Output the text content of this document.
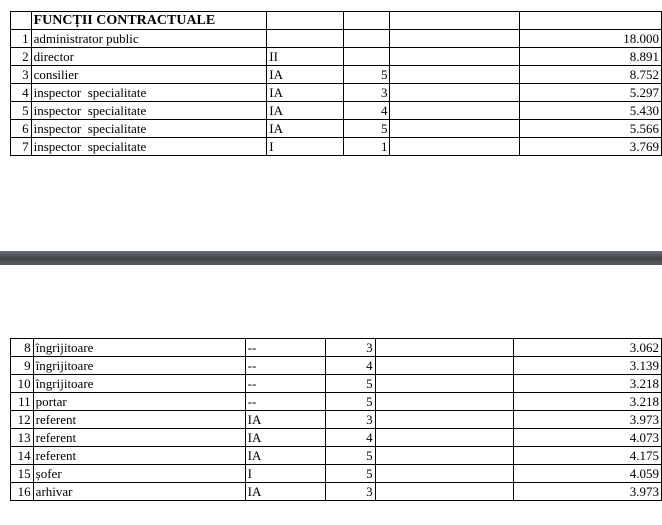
	FUNCȚII CONTRACTUALE				
1	administrator public				18.000
2	director	II			8.891
3	consilier	IA	5		8.752
4	inspector  specialitate	IA	3		5.297
5	inspector  specialitate	IA	4		5.430
6	inspector  specialitate	IA	5		5.566
7	inspector  specialitate	I	1		3.769
8	îngrijitoare	--	3		3.062
9	îngrijitoare	--	4		3.139
10	îngrijitoare	--	5		3.218
11	portar	--	5		3.218
12	referent	IA	3		3.973
13	referent	IA	4		4.073
14	referent	IA	5		4.175
15	șofer	I	5		4.059
16	arhivar	IA	3		3.973
